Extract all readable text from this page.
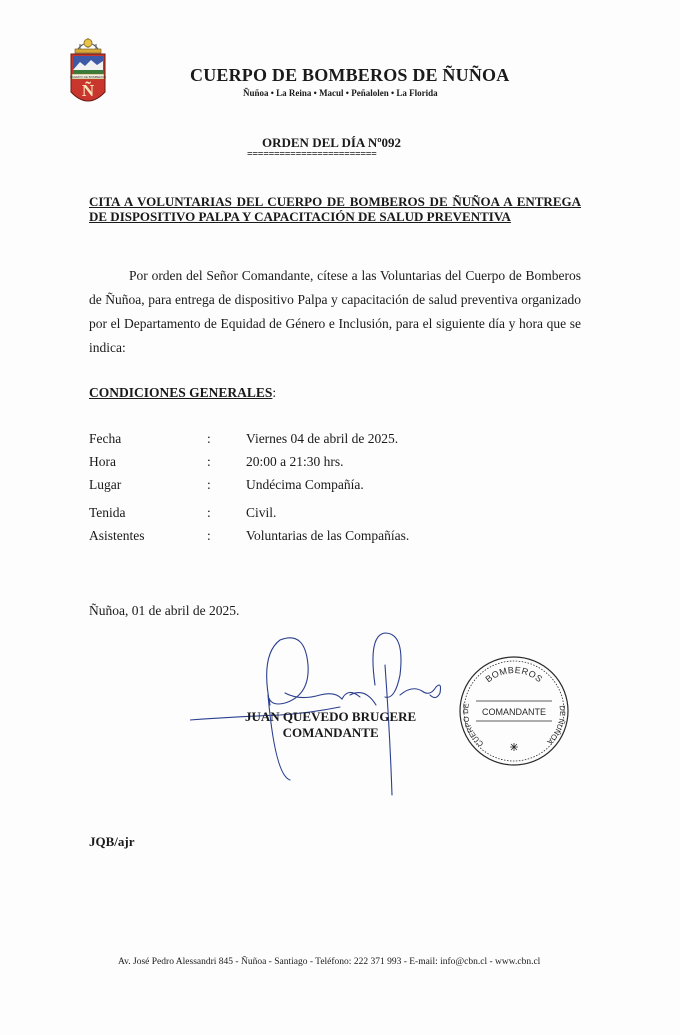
CUERPO DE BOMBEROS
Ñ
CUERPO DE BOMBEROS DE ÑUÑOA
Ñuñoa • La Reina • Macul • Peñalolen • La Florida
ORDEN DEL DÍA Nº092
========================
CITA A VOLUNTARIAS DEL CUERPO DE BOMBEROS DE ÑUÑOA A ENTREGA DE DISPOSITIVO PALPA Y CAPACITACIÓN DE SALUD PREVENTIVA
Por orden del Señor Comandante, cítese a las Voluntarias del Cuerpo de Bomberos de Ñuñoa, para entrega de dispositivo Palpa y capacitación de salud preventiva organizado por el Departamento de Equidad de Género e Inclusión, para el siguiente día y hora que se indica:
CONDICIONES GENERALES:
Fecha	:	Viernes 04 de abril de 2025.
Hora	:	20:00 a 21:30 hrs.
Lugar	:	Undécima Compañía.
Tenida	:	Civil.
Asistentes	:	Voluntarias de las Compañías.
Ñuñoa, 01 de abril de 2025.
JUAN QUEVEDO BRUGERE
COMANDANTE
BOMBEROS
CUERPO DE	DE ÑUÑOA
COMANDANTE
JQB/ajr
Av. José Pedro Alessandri 845 - Ñuñoa - Santiago - Teléfono: 222 371 993 - E-mail: info@cbn.cl - www.cbn.cl
